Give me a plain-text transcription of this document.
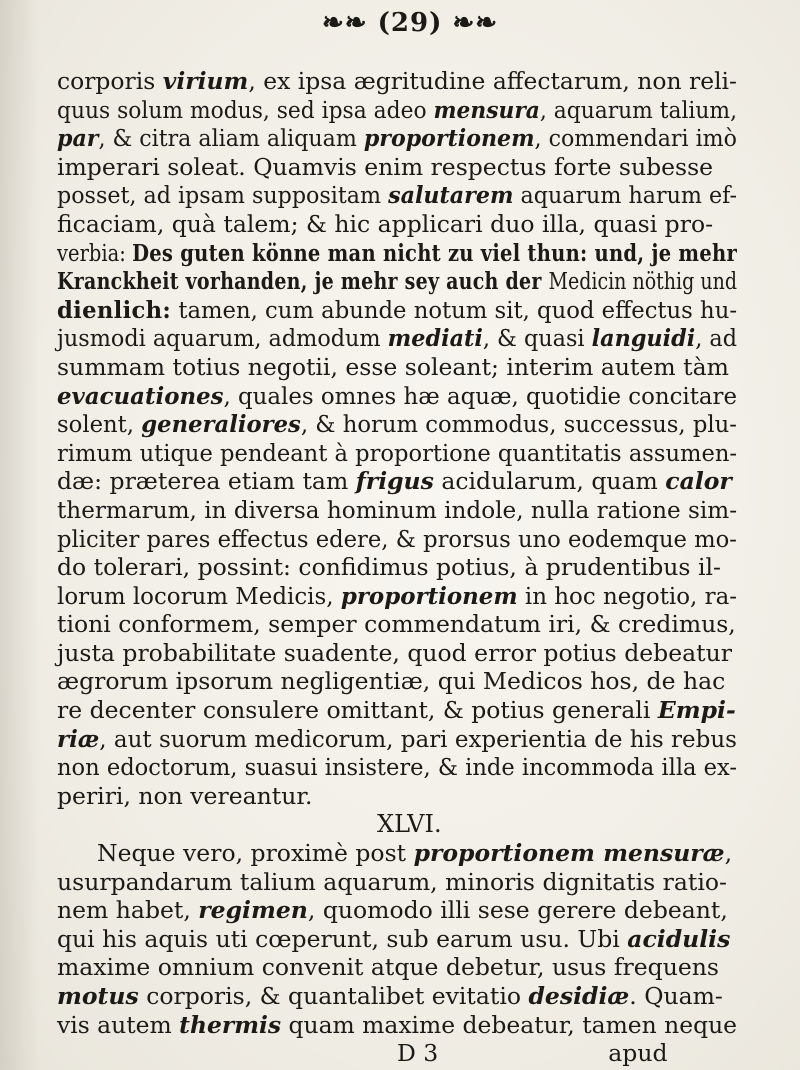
❧❧ (29) ❧❧
corporis virium, ex ipsa ægritudine affectarum, non reli-
quus solum modus, sed ipsa adeo mensura, aquarum talium,
par, & citra aliam aliquam proportionem, commendari imò
imperari soleat. Quamvis enim respectus forte subesse
posset, ad ipsam suppositam salutarem aquarum harum ef-
ficaciam, quà talem; & hic applicari duo illa, quasi pro-
verbia: Des guten könne man nicht zu viel thun: und, je mehr
Kranckheit vorhanden, je mehr sey auch der Medicin nöthig und
dienlich: tamen, cum abunde notum sit, quod effectus hu-
jusmodi aquarum, admodum mediati, & quasi languidi, ad
summam totius negotii, esse soleant; interim autem tàm
evacuationes, quales omnes hæ aquæ, quotidie concitare
solent, generaliores, & horum commodus, successus, plu-
rimum utique pendeant à proportione quantitatis assumen-
dæ: præterea etiam tam frigus acidularum, quam calor
thermarum, in diversa hominum indole, nulla ratione sim-
pliciter pares effectus edere, & prorsus uno eodemque mo-
do tolerari, possint: confidimus potius, à prudentibus il-
lorum locorum Medicis, proportionem in hoc negotio, ra-
tioni conformem, semper commendatum iri, & credimus,
justa probabilitate suadente, quod error potius debeatur
ægrorum ipsorum negligentiæ, qui Medicos hos, de hac
re decenter consulere omittant, & potius generali Empi-
riæ, aut suorum medicorum, pari experientia de his rebus
non edoctorum, suasui insistere, & inde incommoda illa ex-
periri, non vereantur.
XLVI.
Neque vero, proximè post proportionem mensuræ,
usurpandarum talium aquarum, minoris dignitatis ratio-
nem habet, regimen, quomodo illi sese gerere debeant,
qui his aquis uti cœperunt, sub earum usu. Ubi acidulis
maxime omnium convenit atque debetur, usus frequens
motus corporis, & quantalibet evitatio desidiæ. Quam-
vis autem thermis quam maxime debeatur, tamen neque
D 3	apud
